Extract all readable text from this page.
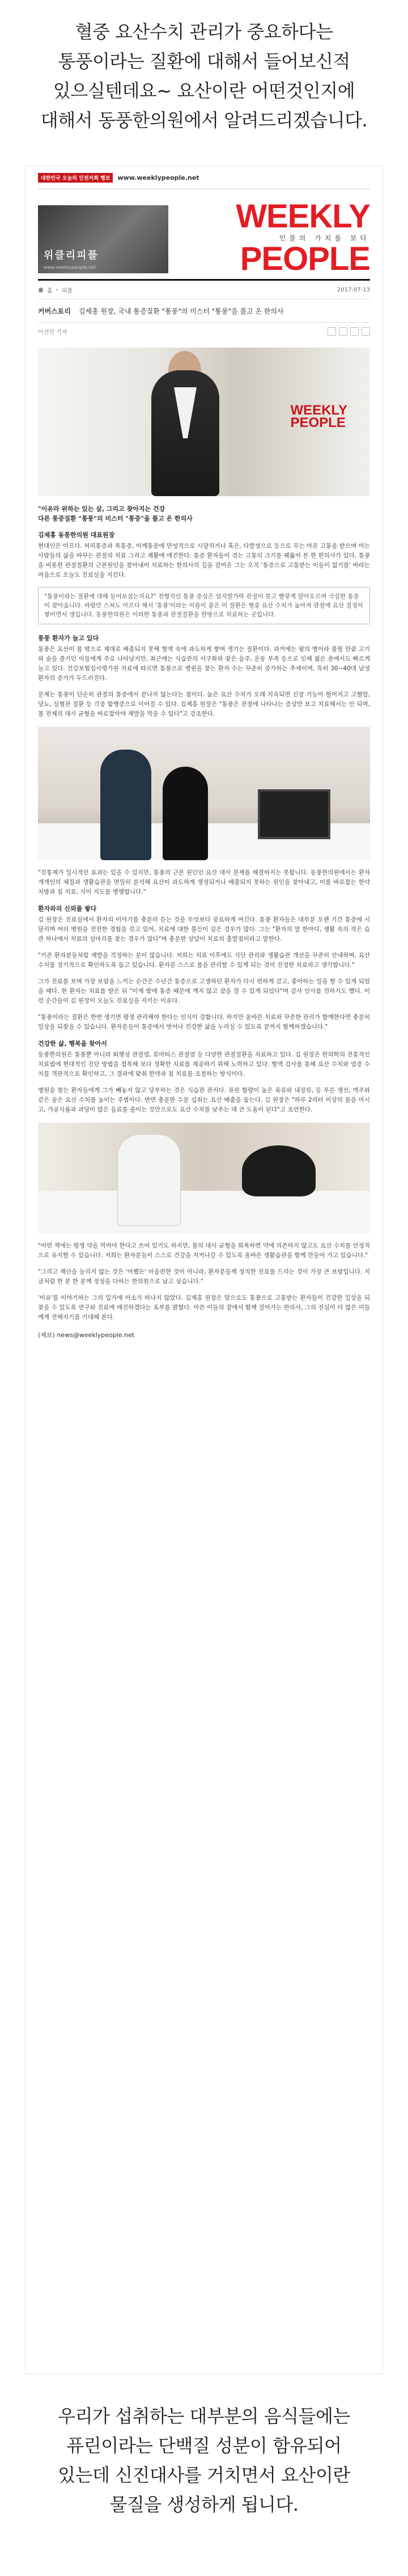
혈중 요산수치 관리가 중요하다는

통풍이라는 질환에 대해서 들어보신적

있으실텐데요~ 요산이란 어떤것인지에

대해서 동풍한의원에서 알려드리겠습니다.

대한민국 오늘의 인천저희 행보	www.weeklypeople.net
위클리피플
www.weeklypeople.net
WEEKLY
인물의 가치를 보다
PEOPLE
홈 › 피플	2017-07-13
커버스토리 김제홍 원장, 국내 통증질환 "통풍"의 미스터 "통풍"을 풀고 온 한의사
이선민 기자
WEEKLY
PEOPLE
"이유라 위하는 있는 살, 그리고 찾아지는 건강
다른 통증질환 "통풍"의 미스터 "통증"을 풀고 온 한의사
김제홍 동풍한의원 대표원장

현대인은 아프다. 허리통증과 목통증, 어깨통증에 만성적으로 시달리거나 혹은, 다발성으로 등으로 무는 아픈 고통을 받으며 아는 사람들의 삶을 바꾸는 관절의 치료 그리고 재활에 매진한다. 통증 환자들이 겪는 고통의 크기를 꿰뚫어 본 한 한의사가 있다. 통풍을 비롯한 관절질환의 근본원인을 찾아내어 치료하는 한의사의 길을 걸어온 그는 오직 '통증으로 고통받는 이들이 없기를' 바라는 마음으로 오늘도 진료실을 지킨다.

"통풍이라는 질환에 대해 들어보셨는지요?" 전형적인 통풍 증상은 엄지발가락 관절이 붓고 빨갛게 달아오르며 극심한 통증이 찾아옵니다. 바람만 스쳐도 아프다 해서 '통풍'이라는 이름이 붙은 이 질환은 혈중 요산 수치가 높아져 관절에 요산 결정이 쌓이면서 생깁니다. 동풍한의원은 이러한 통풍과 관절질환을 한방으로 치료하는 곳입니다.
통풍 환자가 늘고 있다

통풍은 요산이 몸 밖으로 제대로 배출되지 못해 혈액 속에 과도하게 쌓여 생기는 질환이다. 과거에는 왕의 병이라 불릴 만큼 고기와 술을 즐기던 이들에게 주로 나타났지만, 최근에는 식습관의 서구화와 잦은 음주, 운동 부족 등으로 인해 젊은 층에서도 빠르게 늘고 있다. 건강보험심사평가원 자료에 따르면 통풍으로 병원을 찾는 환자 수는 꾸준히 증가하는 추세이며, 특히 30~40대 남성 환자의 증가가 두드러진다.

문제는 통풍이 단순히 관절의 통증에서 끝나지 않는다는 점이다. 높은 요산 수치가 오래 지속되면 신장 기능이 떨어지고 고혈압, 당뇨, 심혈관 질환 등 각종 합병증으로 이어질 수 있다. 김제홍 원장은 "통풍은 관절에 나타나는 증상만 보고 치료해서는 안 되며, 몸 전체의 대사 균형을 바로잡아야 재발을 막을 수 있다"고 강조한다.

"진통제가 일시적인 효과는 있을 수 있지만, 통풍의 근본 원인인 요산 대사 문제를 해결하지는 못합니다. 동풍한의원에서는 환자 개개인의 체질과 생활습관을 면밀히 분석해 요산이 과도하게 생성되거나 배출되지 못하는 원인을 찾아내고, 이를 바로잡는 한약 처방과 침 치료, 식이 지도를 병행합니다."

환자와의 신뢰를 쌓다

김 원장은 진료실에서 환자의 이야기를 충분히 듣는 것을 무엇보다 중요하게 여긴다. 통풍 환자들은 대부분 오랜 기간 통증에 시달리며 여러 병원을 전전한 경험을 갖고 있어, 치료에 대한 불신이 깊은 경우가 많다. 그는 "환자의 말 한마디, 생활 속의 작은 습관 하나에서 치료의 실마리를 찾는 경우가 많다"며 충분한 상담이 치료의 출발점이라고 말한다.

"기존 환자분들처럼 재발을 걱정하는 분이 많습니다. 저희는 치료 이후에도 식단 관리와 생활습관 개선을 꾸준히 안내하며, 요산 수치를 정기적으로 확인하도록 돕고 있습니다. 환자분 스스로 몸을 관리할 수 있게 되는 것이 진정한 치료라고 생각합니다."

그가 진료를 보며 가장 보람을 느끼는 순간은 수년간 통증으로 고생하던 환자가 다시 편하게 걷고, 좋아하는 일을 할 수 있게 되었을 때다. 한 환자는 치료를 받은 뒤 "이제 밤에 통증 때문에 깨지 않고 잠을 잘 수 있게 되었다"며 감사 인사를 전하기도 했다. 이런 순간들이 김 원장이 오늘도 진료실을 지키는 이유다.

"통풍이라는 질환은 한번 생기면 평생 관리해야 한다는 인식이 강합니다. 하지만 올바른 치료와 꾸준한 관리가 함께한다면 충분히 일상을 되찾을 수 있습니다. 환자분들이 통증에서 벗어나 건강한 삶을 누리실 수 있도록 끝까지 함께하겠습니다."

건강한 삶, 행복을 찾아서

동풍한의원은 통풍뿐 아니라 퇴행성 관절염, 류마티스 관절염 등 다양한 관절질환을 치료하고 있다. 김 원장은 한의학의 전통적인 치료법에 현대적인 진단 방법을 접목해 보다 정확한 치료를 제공하기 위해 노력하고 있다. 혈액 검사를 통해 요산 수치와 염증 수치를 객관적으로 확인하고, 그 결과에 맞춰 한약과 침 치료를 조절하는 방식이다.

병원을 찾는 환자들에게 그가 빼놓지 않고 당부하는 것은 식습관 관리다. 퓨린 함량이 높은 육류와 내장류, 등 푸른 생선, 맥주와 같은 술은 요산 수치를 높이는 주범이다. 반면 충분한 수분 섭취는 요산 배출을 돕는다. 김 원장은 "하루 2리터 이상의 물을 마시고, 가공식품과 과당이 많은 음료를 줄이는 것만으로도 요산 수치를 낮추는 데 큰 도움이 된다"고 조언한다.

"어떤 책에는 평생 약을 먹어야 한다고 쓰여 있기도 하지만, 몸의 대사 균형을 회복하면 약에 의존하지 않고도 요산 수치를 안정적으로 유지할 수 있습니다. 저희는 환자분들이 스스로 건강을 지켜나갈 수 있도록 올바른 생활습관을 함께 만들어 가고 있습니다."

"그리고 재산을 늘리지 않는 것은 '어쨌든' 마음편한 것이 아니라, 환자분들께 정직한 진료를 드리는 것이 가장 큰 보람입니다. 지금처럼 한 분 한 분께 정성을 다하는 한의원으로 남고 싶습니다."

'이유'를 이야기하는 그의 입가에 미소가 떠나지 않았다. 김제홍 원장은 앞으로도 통풍으로 고통받는 환자들이 건강한 일상을 되찾을 수 있도록 연구와 진료에 매진하겠다는 포부를 밝혔다. 아픈 이들의 곁에서 함께 걸어가는 한의사, 그의 진심이 더 많은 이들에게 전해지기를 기대해 본다.

(제보) news@weeklypeople.net

우리가 섭취하는 대부분의 음식들에는

퓨린이라는 단백질 성분이 함유되어

있는데 신진대사를 거치면서 요산이란

물질을 생성하게 됩니다.
